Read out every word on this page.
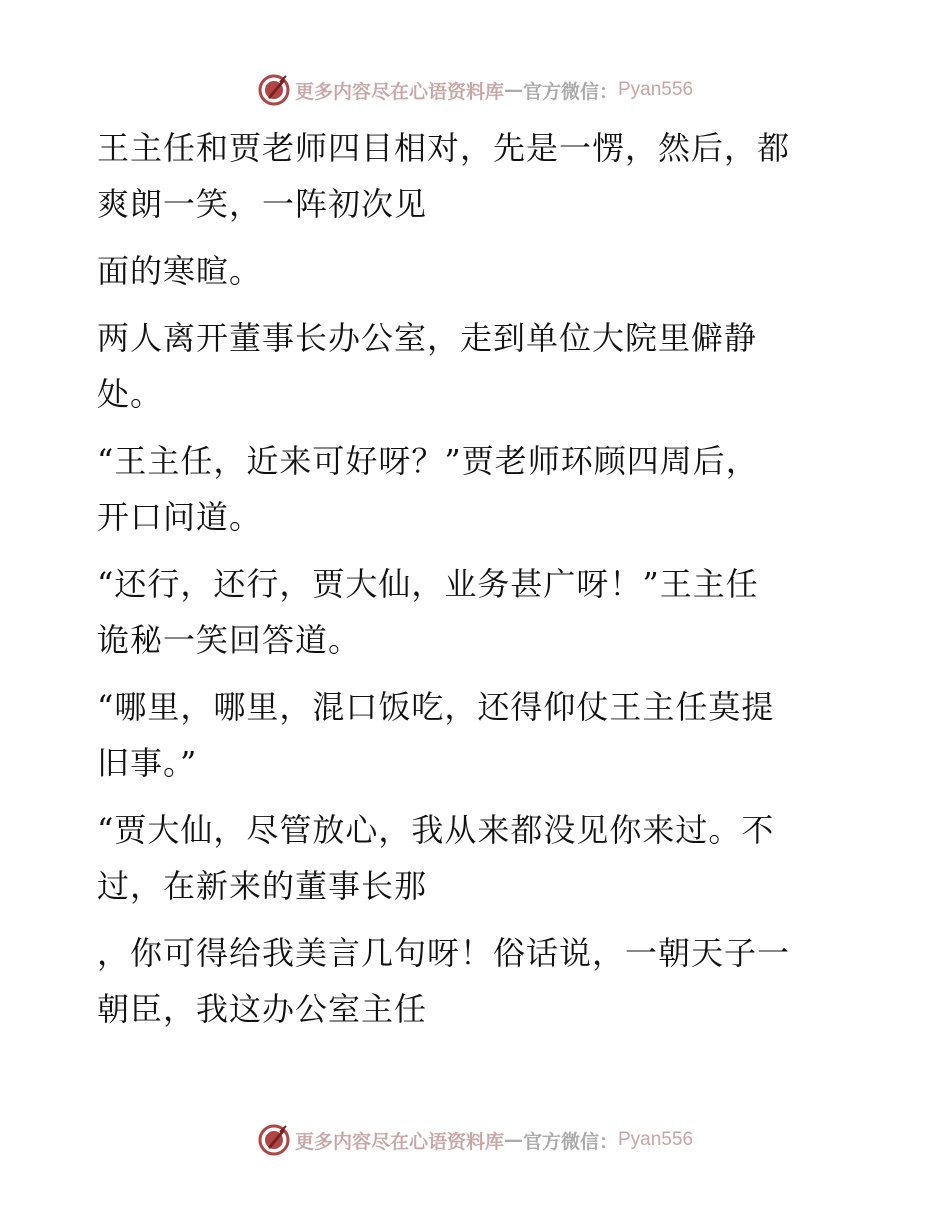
更多内容尽在心语资料库 — 官方微信： Pyan556
王主任和贾老师四目相对，先是一愣，然后，都
爽朗一笑，一阵初次见
面的寒暄。
两人离开董事长办公室，走到单位大院里僻静
处。
“王主任，近来可好呀？”贾老师环顾四周后，
开口问道。
“还行，还行，贾大仙，业务甚广呀！”王主任
诡秘一笑回答道。
“哪里，哪里，混口饭吃，还得仰仗王主任莫提
旧事。”
“贾大仙，尽管放心，我从来都没见你来过。不
过，在新来的董事长那
，你可得给我美言几句呀！俗话说，一朝天子一
朝臣，我这办公室主任
更多内容尽在心语资料库 — 官方微信： Pyan556
